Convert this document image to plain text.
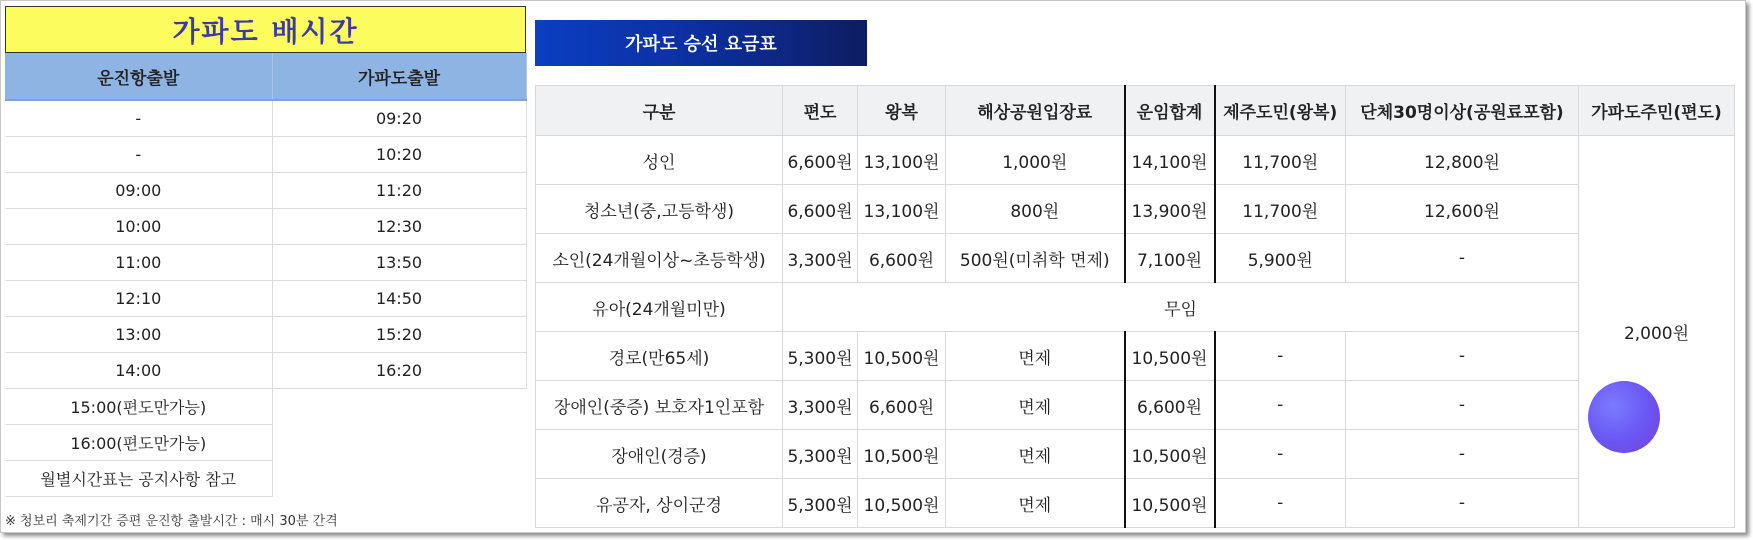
가파도 배시간
운진항출발	가파도출발
-	09:20
-	10:20
09:00	11:20
10:00	12:30
11:00	13:50
12:10	14:50
13:00	15:20
14:00	16:20
15:00(편도만가능)	
16:00(편도만가능)	
월별시간표는 공지사항 참고	
※ 청보리 축제기간 증편 운진항 출발시간 : 매시 30분 간격
가파도 승선 요금표
구분	편도	왕복	해상공원입장료	운임합계	제주도민(왕복)	단체30명이상(공원료포함)	가파도주민(편도)
성인	6,600원	13,100원	1,000원	14,100원	11,700원	12,800원	2,000원
청소년(중,고등학생)	6,600원	13,100원	800원	13,900원	11,700원	12,600원	
소인(24개월이상~초등학생)	3,300원	6,600원	500원(미취학 면제)	7,100원	5,900원	-	
유아(24개월미만)	무임						
경로(만65세)	5,300원	10,500원	면제	10,500원	-	-	
장애인(중증) 보호자1인포함	3,300원	6,600원	면제	6,600원	-	-	
장애인(경증)	5,300원	10,500원	면제	10,500원	-	-	
유공자, 상이군경	5,300원	10,500원	면제	10,500원	-	-	
